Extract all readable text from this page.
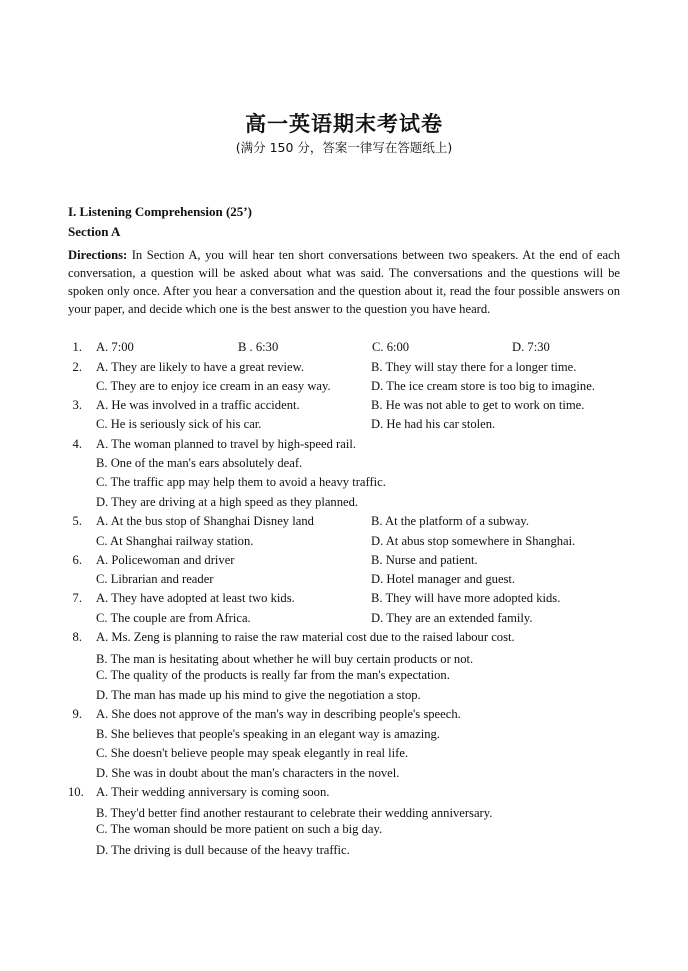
高一英语期末考试卷
(满分 150 分，答案一律写在答题纸上)
I. Listening Comprehension (25’)
Section A
Directions: In Section A, you will hear ten short conversations between two speakers. At the end of each conversation, a question will be asked about what was said. The conversations and the questions will be spoken only once. After you hear a conversation and the question about it, read the four possible answers on your paper, and decide which one is the best answer to the question you have heard.
1. A. 7:00	B . 6:30	C. 6:00	D. 7:30
2. A. They are likely to have a great review.	B. They will stay there for a longer time.
C. They are to enjoy ice cream in an easy way.	D. The ice cream store is too big to imagine.
3. A. He was involved in a traffic accident.	B. He was not able to get to work on time.
C. He is seriously sick of his car.	D. He had his car stolen.
4. A. The woman planned to travel by high-speed rail.
B. One of the man's ears absolutely deaf.
C. The traffic app may help them to avoid a heavy traffic.
D. They are driving at a high speed as they planned.
5. A. At the bus stop of Shanghai Disney land	B. At the platform of a subway.
C. At Shanghai railway station.	D. At abus stop somewhere in Shanghai.
6. A. Policewoman and driver	B. Nurse and patient.
C. Librarian and reader	D. Hotel manager and guest.
7. A. They have adopted at least two kids.	B. They will have more adopted kids.
C. The couple are from Africa.	D. They are an extended family.
8. A. Ms. Zeng is planning to raise the raw material cost due to the raised labour cost.
B. The man is hesitating about whether he will buy certain products or not.
C. The quality of the products is really far from the man's expectation.
D. The man has made up his mind to give the negotiation a stop.
9. A. She does not approve of the man's way in describing people's speech.
B. She believes that people's speaking in an elegant way is amazing.
C. She doesn't believe people may speak elegantly in real life.
D. She was in doubt about the man's characters in the novel.
10. A. Their wedding anniversary is coming soon.
B. They'd better find another restaurant to celebrate their wedding anniversary.
C. The woman should be more patient on such a big day.
D. The driving is dull because of the heavy traffic.
